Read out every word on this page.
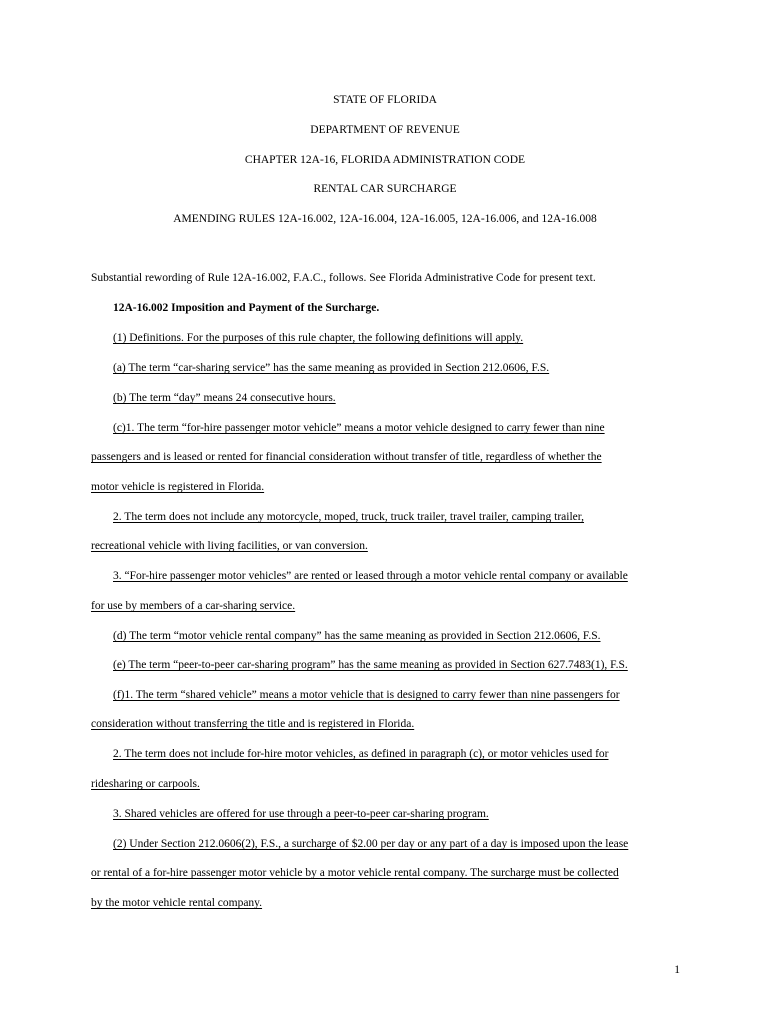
STATE OF FLORIDA
DEPARTMENT OF REVENUE
CHAPTER 12A-16, FLORIDA ADMINISTRATION CODE
RENTAL CAR SURCHARGE
AMENDING RULES 12A-16.002, 12A-16.004, 12A-16.005, 12A-16.006, and 12A-16.008
Substantial rewording of Rule 12A-16.002, F.A.C., follows. See Florida Administrative Code for present text.
12A-16.002 Imposition and Payment of the Surcharge.
(1) Definitions. For the purposes of this rule chapter, the following definitions will apply.
(a) The term “car-sharing service” has the same meaning as provided in Section 212.0606, F.S.
(b) The term “day” means 24 consecutive hours.
(c)1. The term “for-hire passenger motor vehicle” means a motor vehicle designed to carry fewer than nine
passengers and is leased or rented for financial consideration without transfer of title, regardless of whether the
motor vehicle is registered in Florida.
2. The term does not include any motorcycle, moped, truck, truck trailer, travel trailer, camping trailer,
recreational vehicle with living facilities, or van conversion.
3. “For-hire passenger motor vehicles” are rented or leased through a motor vehicle rental company or available
for use by members of a car-sharing service.
(d) The term “motor vehicle rental company” has the same meaning as provided in Section 212.0606, F.S.
(e) The term “peer-to-peer car-sharing program” has the same meaning as provided in Section 627.7483(1), F.S.
(f)1. The term “shared vehicle” means a motor vehicle that is designed to carry fewer than nine passengers for
consideration without transferring the title and is registered in Florida.
2. The term does not include for-hire motor vehicles, as defined in paragraph (c), or motor vehicles used for
ridesharing or carpools.
3. Shared vehicles are offered for use through a peer-to-peer car-sharing program.
(2) Under Section 212.0606(2), F.S., a surcharge of $2.00 per day or any part of a day is imposed upon the lease
or rental of a for-hire passenger motor vehicle by a motor vehicle rental company. The surcharge must be collected
by the motor vehicle rental company.
1
